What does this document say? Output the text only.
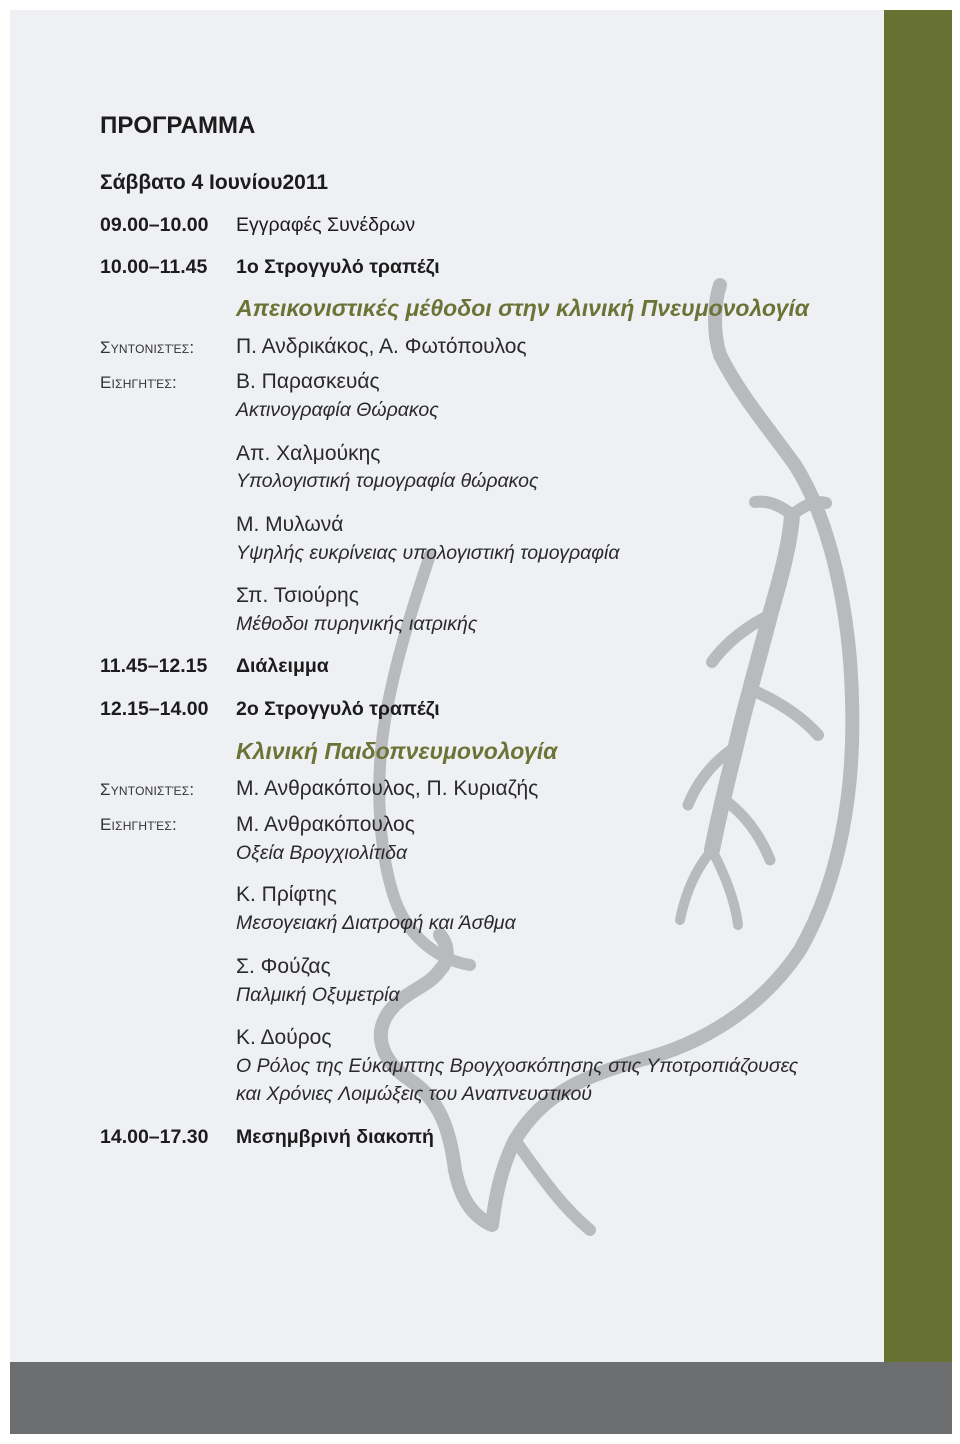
ΠΡΟΓΡΑΜΜΑ
Σάββατο 4 Ιουνίου2011
09.00–10.00 Εγγραφές Συνέδρων
10.00–11.45 1ο Στρογγυλό τραπέζι
Απεικονιστικές μέθοδοι στην κλινική Πνευμονολογία
Συντονιστές: Π. Ανδρικάκος, Α. Φωτόπουλος
Εισηγητές:	Β. Παρασκευάς
Ακτινογραφία Θώρακος
Απ. Χαλμούκης
Υπολογιστική τομογραφία θώρακος
Μ. Μυλωνά
Υψηλής ευκρίνειας υπολογιστική τομογραφία
Σπ. Τσιούρης
Μέθοδοι πυρηνικής ιατρικής
11.45–12.15 Διάλειμμα
12.15–14.00 2ο Στρογγυλό τραπέζι
Κλινική Παιδοπνευμονολογία
Συντονιστές: Μ. Ανθρακόπουλος, Π. Κυριαζής
Εισηγητές:	Μ. Ανθρακόπουλος
Οξεία Βρογχιολίτιδα
Κ. Πρίφτης
Μεσογειακή Διατροφή και Άσθμα
Σ. Φούζας
Παλμική Οξυμετρία
Κ. Δούρος
Ο Ρόλος της Εύκαμπτης Βρογχοσκόπησης στις Υποτροπιάζουσες
και Χρόνιες Λοιμώξεις του Αναπνευστικού
14.00–17.30 Μεσημβρινή διακοπή
